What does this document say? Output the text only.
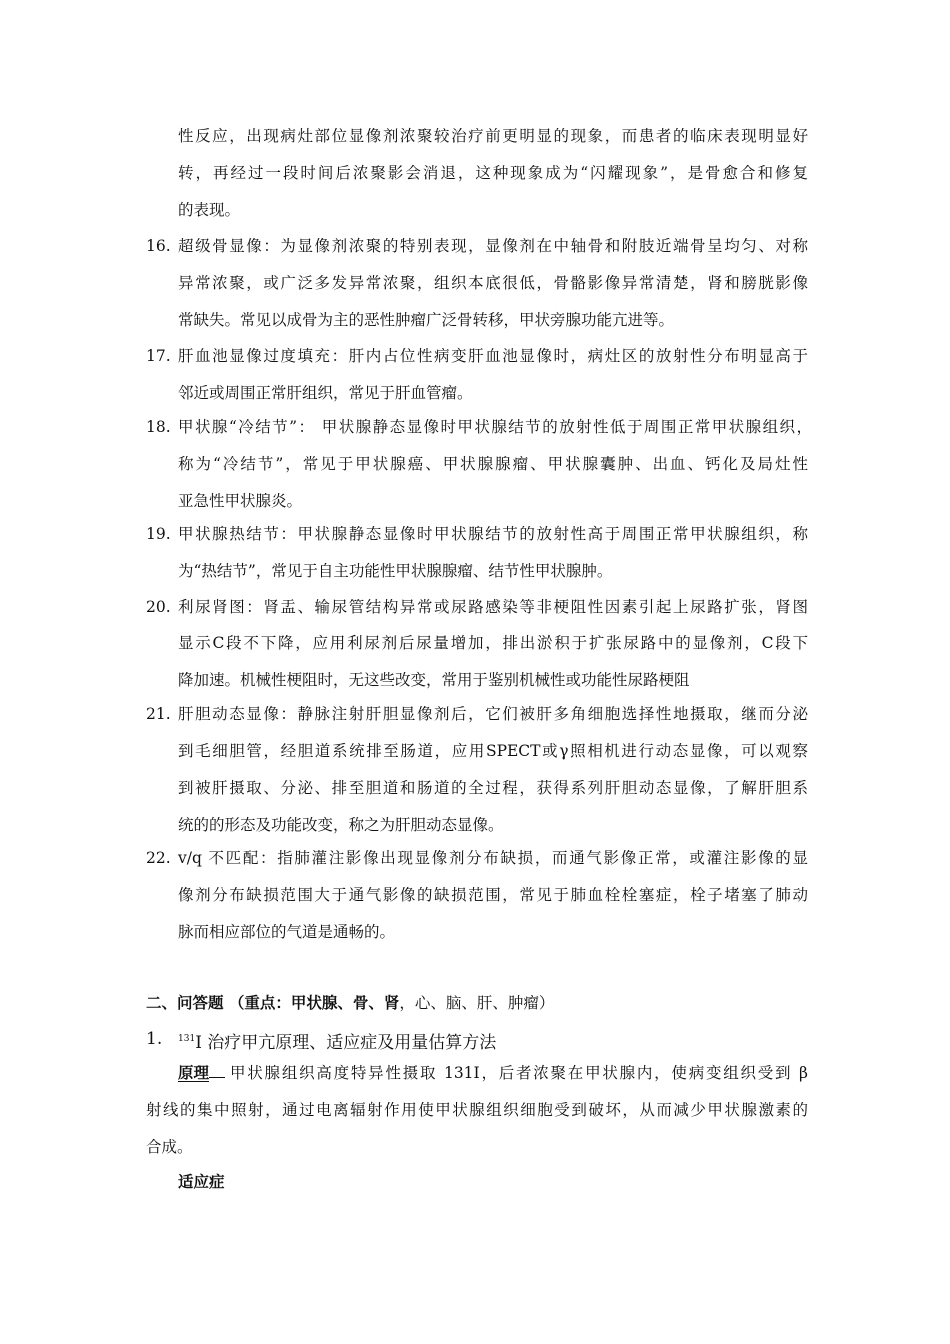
性反应，出现病灶部位显像剂浓聚较治疗前更明显的现象，而患者的临床表现明显好
转，再经过一段时间后浓聚影会消退，这种现象成为“闪耀现象”，是骨愈合和修复
的表现。
16. 超级骨显像：为显像剂浓聚的特别表现，显像剂在中轴骨和附肢近端骨呈均匀、对称
异常浓聚，或广泛多发异常浓聚，组织本底很低，骨骼影像异常清楚，肾和膀胱影像
常缺失。常见以成骨为主的恶性肿瘤广泛骨转移，甲状旁腺功能亢进等。
17. 肝血池显像过度填充：肝内占位性病变肝血池显像时，病灶区的放射性分布明显高于
邻近或周围正常肝组织，常见于肝血管瘤。
18. 甲状腺“冷结节”： 甲状腺静态显像时甲状腺结节的放射性低于周围正常甲状腺组织，
称为“冷结节”，常见于甲状腺癌、甲状腺腺瘤、甲状腺囊肿、出血、钙化及局灶性
亚急性甲状腺炎。
19. 甲状腺热结节：甲状腺静态显像时甲状腺结节的放射性高于周围正常甲状腺组织，称
为“热结节”，常见于自主功能性甲状腺腺瘤、结节性甲状腺肿。
20. 利尿肾图：肾盂、输尿管结构异常或尿路感染等非梗阻性因素引起上尿路扩张，肾图
显示C段不下降，应用利尿剂后尿量增加，排出淤积于扩张尿路中的显像剂，C段下
降加速。机械性梗阻时，无这些改变，常用于鉴别机械性或功能性尿路梗阻
21. 肝胆动态显像：静脉注射肝胆显像剂后，它们被肝多角细胞选择性地摄取，继而分泌
到毛细胆管，经胆道系统排至肠道，应用SPECT或γ照相机进行动态显像，可以观察
到被肝摄取、分泌、排至胆道和肠道的全过程，获得系列肝胆动态显像，了解肝胆系
统的的形态及功能改变，称之为肝胆动态显像。
22. v/q 不匹配：指肺灌注影像出现显像剂分布缺损，而通气影像正常，或灌注影像的显
像剂分布缺损范围大于通气影像的缺损范围，常见于肺血栓栓塞症，栓子堵塞了肺动
脉而相应部位的气道是通畅的。
二、问答题 （重点：甲状腺、骨、肾，心、脑、肝、肿瘤）
1. $^{131}$I 治疗甲亢原理、适应症及用量估算方法
原理	甲状腺组织高度特异性摄取 131I，后者浓聚在甲状腺内，使病变组织受到 β
射线的集中照射，通过电离辐射作用使甲状腺组织细胞受到破坏，从而减少甲状腺激素的
合成。
适应症
